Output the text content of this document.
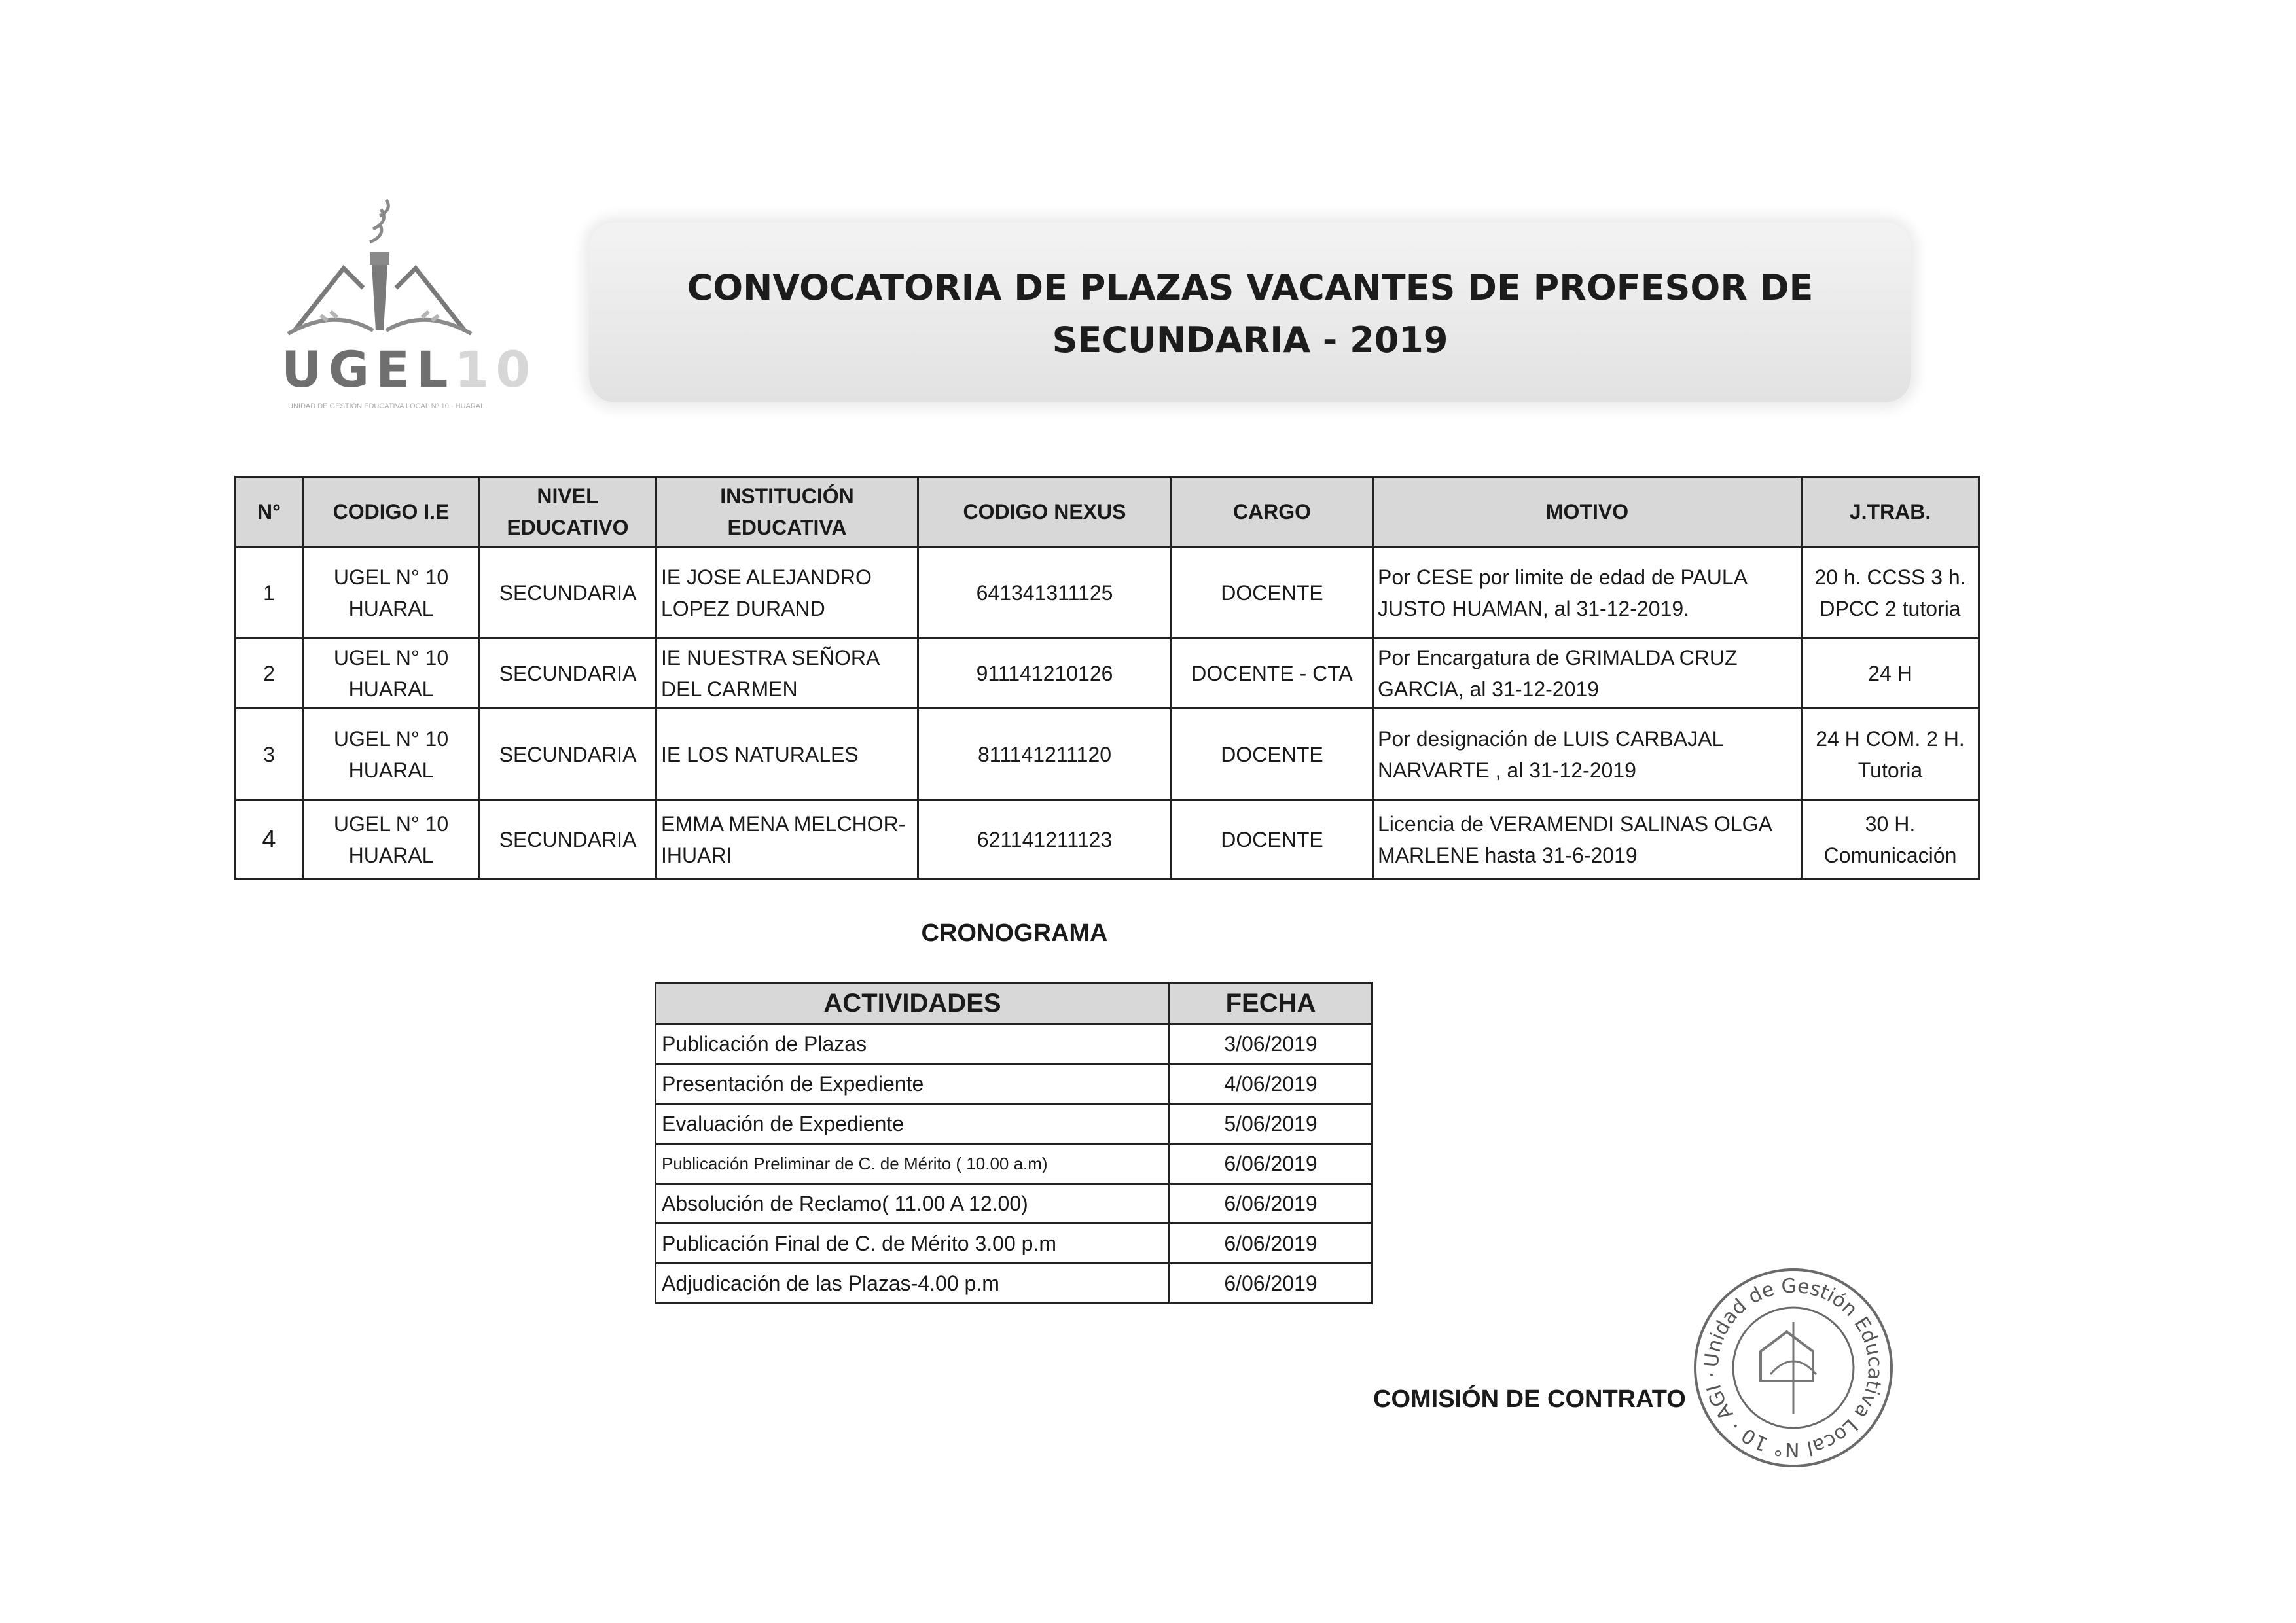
UGEL10
UNIDAD DE GESTIÓN EDUCATIVA LOCAL Nº 10 · HUARAL
CONVOCATORIA DE PLAZAS VACANTES DE PROFESOR DE
SECUNDARIA - 2019
N°	CODIGO I.E	NIVEL EDUCATIVO	INSTITUCIÓN EDUCATIVA	CODIGO NEXUS	CARGO	MOTIVO	J.TRAB.
1	UGEL N° 10 HUARAL	SECUNDARIA	IE JOSE ALEJANDRO LOPEZ DURAND	641341311125	DOCENTE	Por CESE por limite de edad de PAULA JUSTO HUAMAN, al 31-12-2019.	20 h. CCSS 3 h. DPCC 2 tutoria
2	UGEL N° 10 HUARAL	SECUNDARIA	IE NUESTRA SEÑORA DEL CARMEN	911141210126	DOCENTE - CTA	Por Encargatura de GRIMALDA CRUZ GARCIA, al 31-12-2019	24 H
3	UGEL N° 10 HUARAL	SECUNDARIA	IE LOS NATURALES	811141211120	DOCENTE	Por designación de LUIS CARBAJAL NARVARTE , al 31-12-2019	24 H COM. 2 H. Tutoria
4	UGEL N° 10 HUARAL	SECUNDARIA	EMMA MENA MELCHOR- IHUARI	621141211123	DOCENTE	Licencia de VERAMENDI SALINAS OLGA MARLENE hasta 31-6-2019	30 H. Comunicación
CRONOGRAMA
ACTIVIDADES	FECHA
Publicación de Plazas	3/06/2019
Presentación de Expediente	4/06/2019
Evaluación de Expediente	5/06/2019
Publicación Preliminar de C. de Mérito ( 10.00 a.m)	6/06/2019
Absolución de Reclamo( 11.00 A 12.00)	6/06/2019
Publicación Final de C. de Mérito 3.00 p.m	6/06/2019
Adjudicación de las Plazas-4.00 p.m	6/06/2019
COMISIÓN DE CONTRATO
Unidad de Gestión Educativa Local N° 10 · AGI ·
